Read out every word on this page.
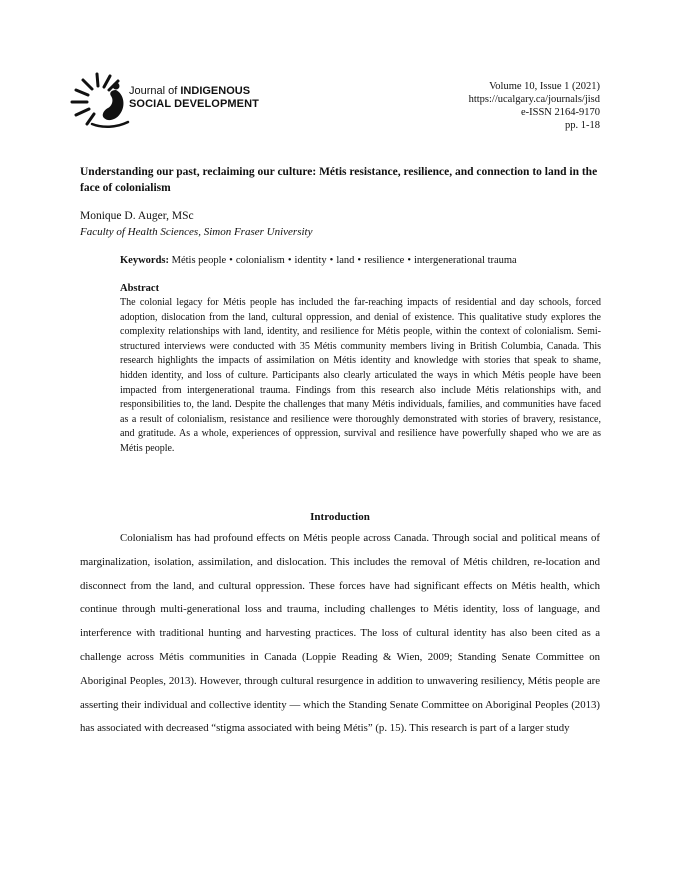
Journal of INDIGENOUS
SOCIAL DEVELOPMENT
Volume 10, Issue 1 (2021)
https://ucalgary.ca/journals/jisd
e-ISSN 2164-9170
pp. 1-18
Understanding our past, reclaiming our culture: Métis resistance, resilience, and connection to land in the face of colonialism
Monique D. Auger, MSc
Faculty of Health Sciences, Simon Fraser University
Keywords: Métis people • colonialism • identity • land • resilience • intergenerational trauma
Abstract

The colonial legacy for Métis people has included the far-reaching impacts of residential and day schools, forced adoption, dislocation from the land, cultural oppression, and denial of existence. This qualitative study explores the complexity relationships with land, identity, and resilience for Métis people, within the context of colonialism. Semi-structured interviews were conducted with 35 Métis community members living in British Columbia, Canada. This research highlights the impacts of assimilation on Métis identity and knowledge with stories that speak to shame, hidden identity, and loss of culture. Participants also clearly articulated the ways in which Métis people have been impacted from intergenerational trauma. Findings from this research also include Métis relationships with, and responsibilities to, the land. Despite the challenges that many Métis individuals, families, and communities have faced as a result of colonialism, resistance and resilience were thoroughly demonstrated with stories of bravery, resistance, and gratitude. As a whole, experiences of oppression, survival and resilience have powerfully shaped who we are as Métis people.

Introduction

Colonialism has had profound effects on Métis people across Canada. Through social and political means of marginalization, isolation, assimilation, and dislocation. This includes the removal of Métis children, re-location and disconnect from the land, and cultural oppression. These forces have had significant effects on Métis health, which continue through multi-generational loss and trauma, including challenges to Métis identity, loss of language, and interference with traditional hunting and harvesting practices. The loss of cultural identity has also been cited as a challenge across Métis communities in Canada (Loppie Reading & Wien, 2009; Standing Senate Committee on Aboriginal Peoples, 2013). However, through cultural resurgence in addition to unwavering resiliency, Métis people are asserting their individual and collective identity — which the Standing Senate Committee on Aboriginal Peoples (2013) has associated with decreased “stigma associated with being Métis” (p. 15). This research is part of a larger study
